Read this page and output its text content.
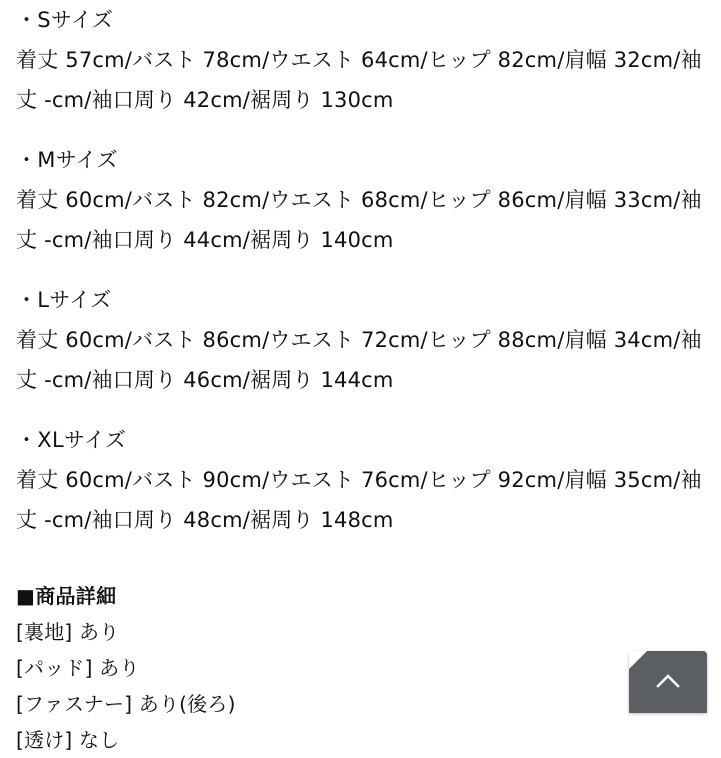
・Sサイズ
着丈 57cm/バスト 78cm/ウエスト 64cm/ヒップ 82cm/肩幅 32cm/袖丈 -cm/袖口周り 42cm/裾周り 130cm
・Mサイズ
着丈 60cm/バスト 82cm/ウエスト 68cm/ヒップ 86cm/肩幅 33cm/袖丈 -cm/袖口周り 44cm/裾周り 140cm
・Lサイズ
着丈 60cm/バスト 86cm/ウエスト 72cm/ヒップ 88cm/肩幅 34cm/袖丈 -cm/袖口周り 46cm/裾周り 144cm
・XLサイズ
着丈 60cm/バスト 90cm/ウエスト 76cm/ヒップ 92cm/肩幅 35cm/袖丈 -cm/袖口周り 48cm/裾周り 148cm
■商品詳細
[裏地] あり
[パッド] あり
[ファスナー] あり(後ろ)
[透け] なし
